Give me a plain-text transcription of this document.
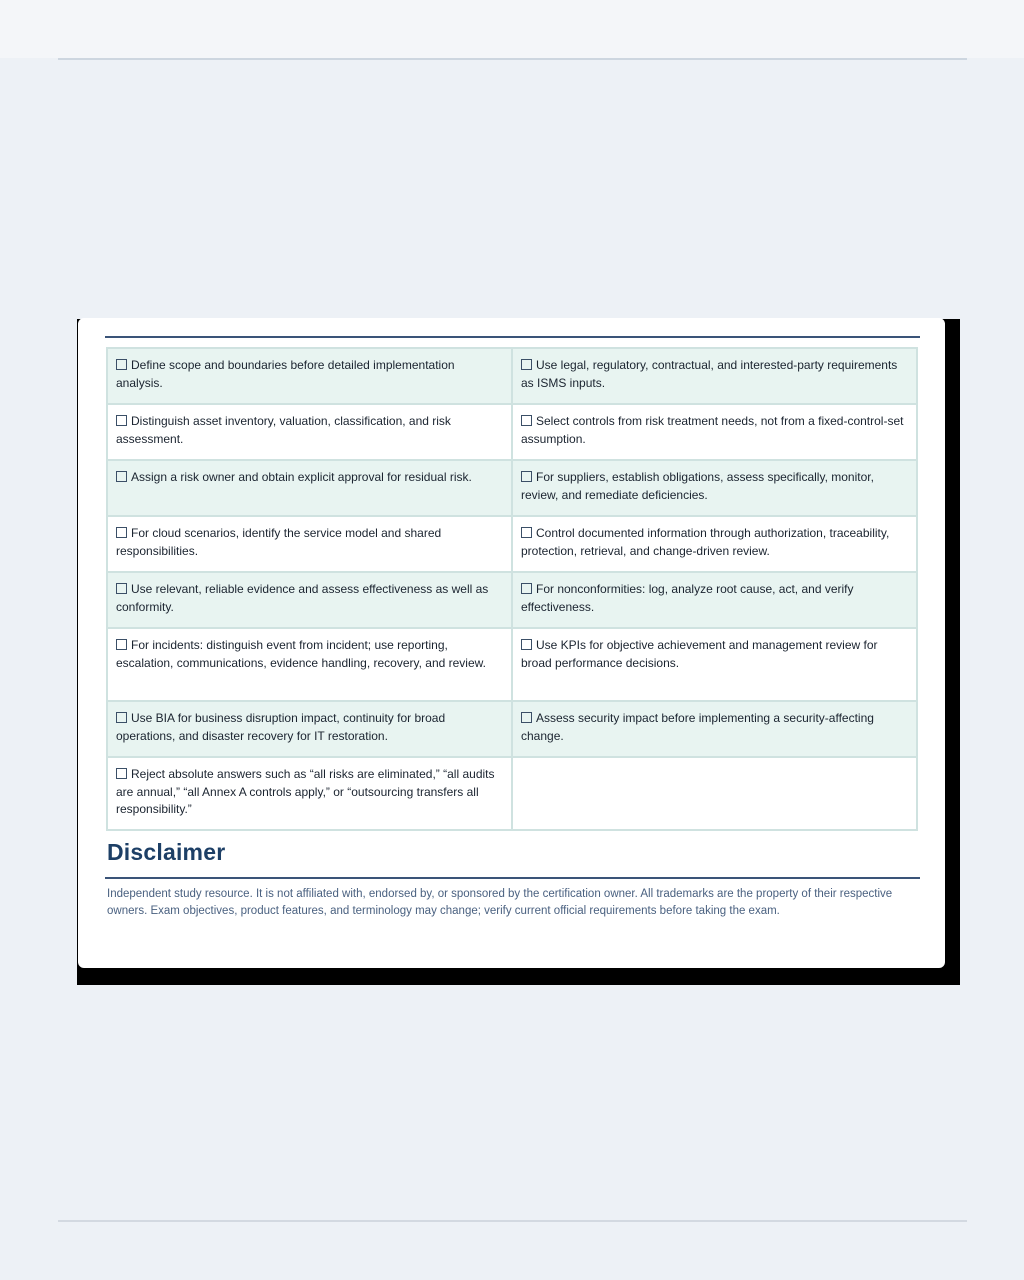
Define scope and boundaries before detailed implementation analysis.	Use legal, regulatory, contractual, and interested-party requirements as ISMS inputs.

Distinguish asset inventory, valuation, classification, and risk assessment.	Select controls from risk treatment needs, not from a fixed-control-set assumption.

Assign a risk owner and obtain explicit approval for residual risk.	For suppliers, establish obligations, assess specifically, monitor, review, and remediate deficiencies.

For cloud scenarios, identify the service model and shared responsibilities.	Control documented information through authorization, traceability, protection, retrieval, and change-driven review.

Use relevant, reliable evidence and assess effectiveness as well as conformity.	For nonconformities: log, analyze root cause, act, and verify effectiveness.

For incidents: distinguish event from incident; use reporting, escalation, communications, evidence handling, recovery, and review.	Use KPIs for objective achievement and management review for broad performance decisions.

Use BIA for business disruption impact, continuity for broad operations, and disaster recovery for IT restoration.	Assess security impact before implementing a security-affecting change.

Reject absolute answers such as “all risks are eliminated,” “all audits are annual,” “all Annex A controls apply,” or “outsourcing transfers all responsibility.”	

Disclaimer

Independent study resource. It is not affiliated with, endorsed by, or sponsored by the certification owner. All trademarks are the property of their respective owners. Exam objectives, product features, and terminology may change; verify current official requirements before taking the exam.
